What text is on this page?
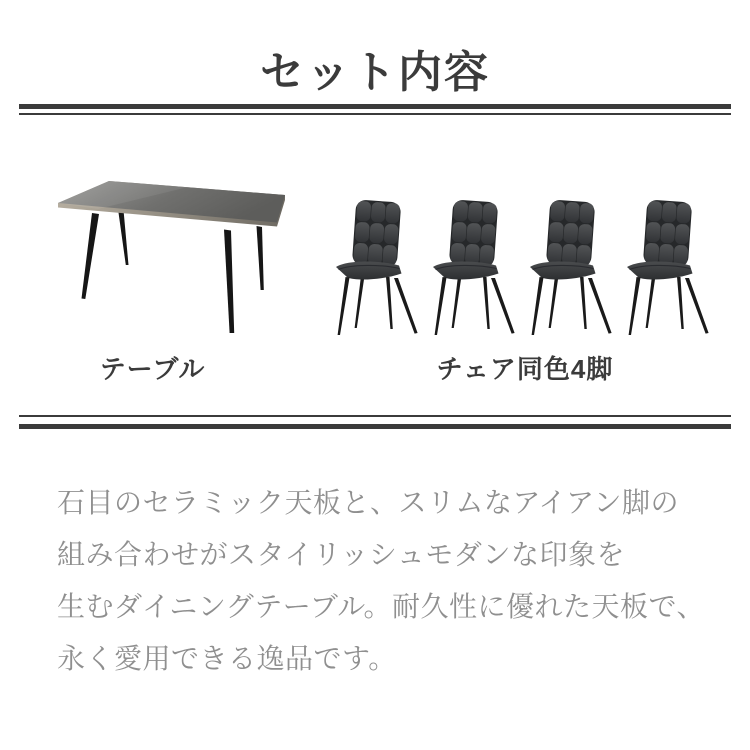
セット内容
テーブル	チェア同色4脚
石目のセラミック天板と、スリムなアイアン脚の
組み合わせがスタイリッシュモダンな印象を
生むダイニングテーブル。耐久性に優れた天板で、
永く愛用できる逸品です。
